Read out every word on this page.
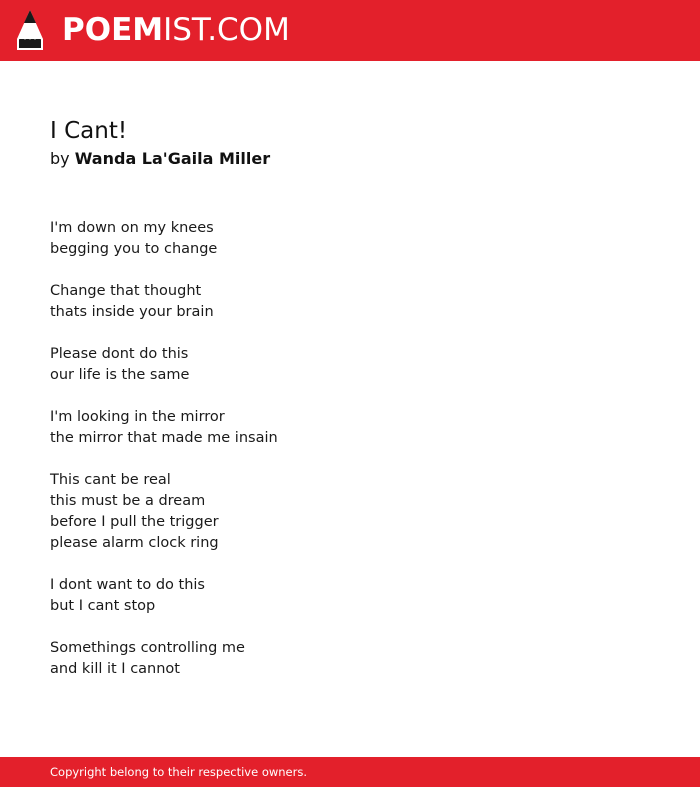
POEMIST.COM
I Cant!
by Wanda La'Gaila Miller
I'm down on my knees
begging you to change
Change that thought
thats inside your brain
Please dont do this
our life is the same
I'm looking in the mirror
the mirror that made me insain
This cant be real
this must be a dream
before I pull the trigger
please alarm clock ring
I dont want to do this
but I cant stop
Somethings controlling me
and kill it I cannot
Copyright belong to their respective owners.
